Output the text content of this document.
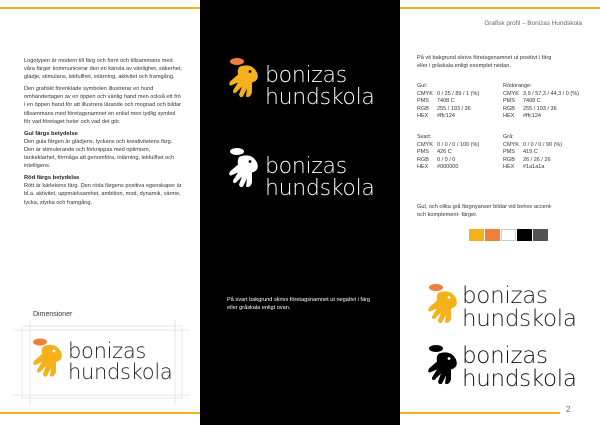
Logotypen är modern till färg och form och tillsammans med våra färger kommunicerar den en känsla av vänlighet, säkerhet, glädje, stimulans, lekfullhet, inlärning, aktivitet och framgång.

Den grafiskt förenklade symbolen illustrerar en hund omhändertagen av en öppen och vänlig hand men också ett frö i en öppen hand för att illustrera lärande och mognad och bildar tillsammans med företagsnamnet en enkel men tydlig symbol för vad företaget heter och vad det gör.

Gul färgs betydelse

Den gula färgen är glädjens, lyckans och kreativitetens färg. Den är stimulerande och förknippas med optimism, tankeklarhet, förmåga att genomföra, inlärning, lekfullhet och intelligens.

Röd färgs betydelse

Rött är kärlekens färg. Den röda färgens positiva egenskaper är bl.a. aktivitet, uppmärksamhet, ambition, mod, dynamik, värme, lycka, styrka och framgång.

Dimensioner
bonizas
hundskola
bonizas
hundskola
bonizas
hundskola
På svart bakgrund skrivs företagsnamnet ut negativt i färg eller gråskala enligt ovan.
Grafisk profil – Bonizas Hundskola
På vit bakgrund skrivs företagsnamnet ut positivt i färg eller i gråskala enligt exemplet nedan.
Gul:
CMYK 0 / 25 / 89 / 1 (%)
PMS	7408 C
RGB	255 / 193 / 36
HEX	#ffc124
Rödorange:
CMYK 3,9 / 57,3 / 44,3 / 0 (%)
PMS	7408 C
RGB	255 / 193 / 36
HEX	#ffc124
Svart:
CMYK 0 / 0 / 0 / 100 (%)
PMS	426 C
RGB	0 / 0 / 0
HEX	#000000
Grå:
CMYK 0 / 0 / 0 / 90 (%)
PMS	419 C
RGB	26 / 26 / 26
HEX	#1a1a1a
Gul, och olika grå färgnyanser bildar vid behov accent- och komplement- färger.
bonizas
hundskola
bonizas
hundskola
2
